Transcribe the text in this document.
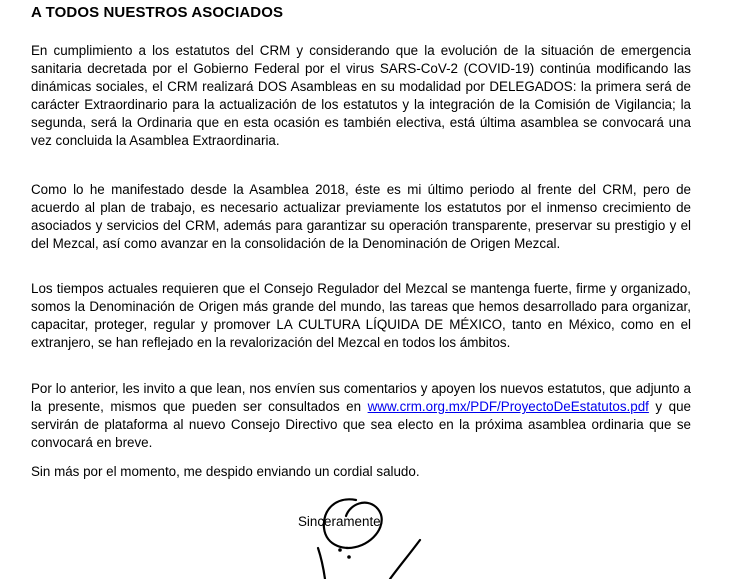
A TODOS NUESTROS ASOCIADOS

En cumplimiento a los estatutos del CRM y considerando que la evolución de la situación de emergencia sanitaria decretada por el Gobierno Federal por el virus SARS-CoV-2 (COVID-19) continúa modificando las dinámicas sociales, el CRM realizará DOS Asambleas en su modalidad por DELEGADOS: la primera será de carácter Extraordinario para la actualización de los estatutos y la integración de la Comisión de Vigilancia; la segunda, será la Ordinaria que en esta ocasión es también electiva, está última asamblea se convocará una vez concluida la Asamblea Extraordinaria.

Como lo he manifestado desde la Asamblea 2018, éste es mi último periodo al frente del CRM, pero de acuerdo al plan de trabajo, es necesario actualizar previamente los estatutos por el inmenso crecimiento de asociados y servicios del CRM, además para garantizar su operación transparente, preservar su prestigio y el del Mezcal, así como avanzar en la consolidación de la Denominación de Origen Mezcal.

Los tiempos actuales requieren que el Consejo Regulador del Mezcal se mantenga fuerte, firme y organizado, somos la Denominación de Origen más grande del mundo, las tareas que hemos desarrollado para organizar, capacitar, proteger, regular y promover LA CULTURA LÍQUIDA DE MÉXICO, tanto en México, como en el extranjero, se han reflejado en la revalorización del Mezcal en todos los ámbitos.

Por lo anterior, les invito a que lean, nos envíen sus comentarios y apoyen los nuevos estatutos, que adjunto a la presente, mismos que pueden ser consultados en www.crm.org.mx/PDF/ProyectoDeEstatutos.pdf y que servirán de plataforma al nuevo Consejo Directivo que sea electo en la próxima asamblea ordinaria que se convocará en breve.

Sin más por el momento, me despido enviando un cordial saludo.

Sinceramente
